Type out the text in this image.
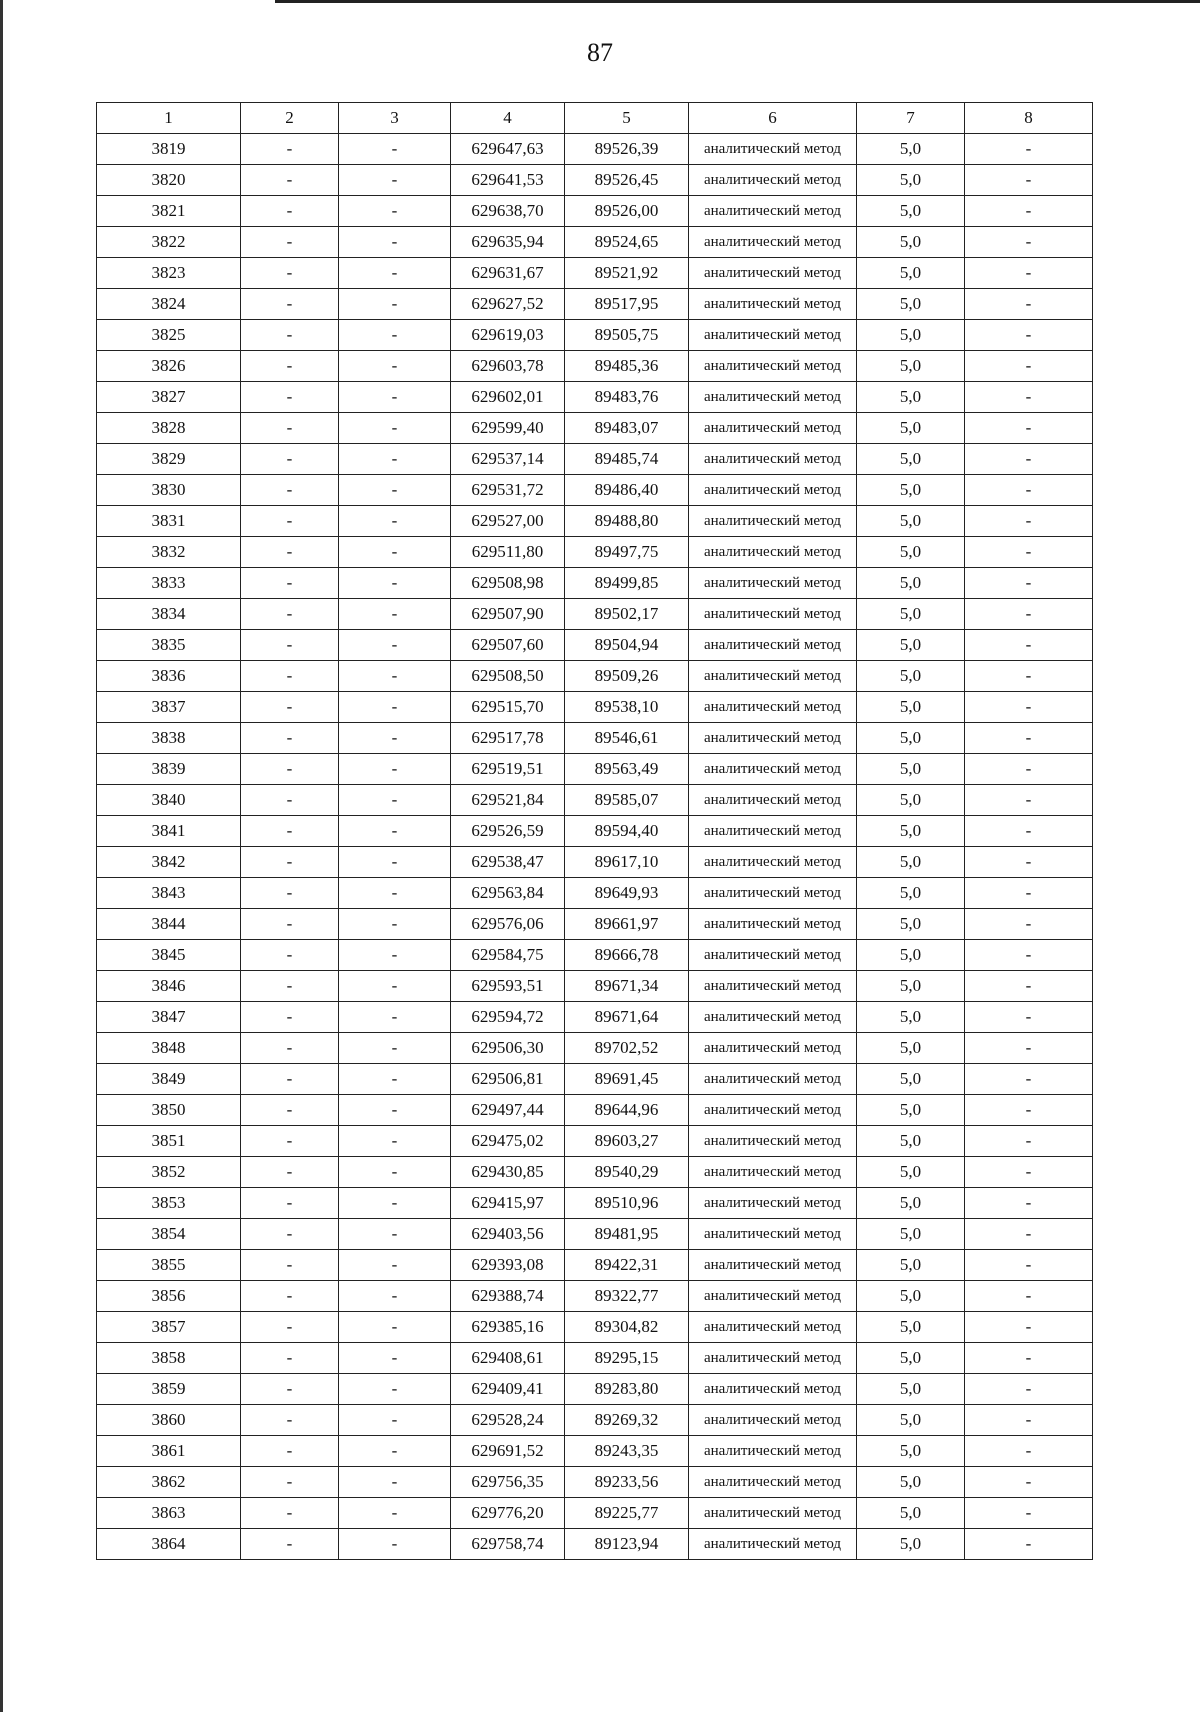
87
1	2	3	4	5	6	7	8
3819	-	-	629647,63	89526,39	аналитический метод	5,0	-
3820	-	-	629641,53	89526,45	аналитический метод	5,0	-
3821	-	-	629638,70	89526,00	аналитический метод	5,0	-
3822	-	-	629635,94	89524,65	аналитический метод	5,0	-
3823	-	-	629631,67	89521,92	аналитический метод	5,0	-
3824	-	-	629627,52	89517,95	аналитический метод	5,0	-
3825	-	-	629619,03	89505,75	аналитический метод	5,0	-
3826	-	-	629603,78	89485,36	аналитический метод	5,0	-
3827	-	-	629602,01	89483,76	аналитический метод	5,0	-
3828	-	-	629599,40	89483,07	аналитический метод	5,0	-
3829	-	-	629537,14	89485,74	аналитический метод	5,0	-
3830	-	-	629531,72	89486,40	аналитический метод	5,0	-
3831	-	-	629527,00	89488,80	аналитический метод	5,0	-
3832	-	-	629511,80	89497,75	аналитический метод	5,0	-
3833	-	-	629508,98	89499,85	аналитический метод	5,0	-
3834	-	-	629507,90	89502,17	аналитический метод	5,0	-
3835	-	-	629507,60	89504,94	аналитический метод	5,0	-
3836	-	-	629508,50	89509,26	аналитический метод	5,0	-
3837	-	-	629515,70	89538,10	аналитический метод	5,0	-
3838	-	-	629517,78	89546,61	аналитический метод	5,0	-
3839	-	-	629519,51	89563,49	аналитический метод	5,0	-
3840	-	-	629521,84	89585,07	аналитический метод	5,0	-
3841	-	-	629526,59	89594,40	аналитический метод	5,0	-
3842	-	-	629538,47	89617,10	аналитический метод	5,0	-
3843	-	-	629563,84	89649,93	аналитический метод	5,0	-
3844	-	-	629576,06	89661,97	аналитический метод	5,0	-
3845	-	-	629584,75	89666,78	аналитический метод	5,0	-
3846	-	-	629593,51	89671,34	аналитический метод	5,0	-
3847	-	-	629594,72	89671,64	аналитический метод	5,0	-
3848	-	-	629506,30	89702,52	аналитический метод	5,0	-
3849	-	-	629506,81	89691,45	аналитический метод	5,0	-
3850	-	-	629497,44	89644,96	аналитический метод	5,0	-
3851	-	-	629475,02	89603,27	аналитический метод	5,0	-
3852	-	-	629430,85	89540,29	аналитический метод	5,0	-
3853	-	-	629415,97	89510,96	аналитический метод	5,0	-
3854	-	-	629403,56	89481,95	аналитический метод	5,0	-
3855	-	-	629393,08	89422,31	аналитический метод	5,0	-
3856	-	-	629388,74	89322,77	аналитический метод	5,0	-
3857	-	-	629385,16	89304,82	аналитический метод	5,0	-
3858	-	-	629408,61	89295,15	аналитический метод	5,0	-
3859	-	-	629409,41	89283,80	аналитический метод	5,0	-
3860	-	-	629528,24	89269,32	аналитический метод	5,0	-
3861	-	-	629691,52	89243,35	аналитический метод	5,0	-
3862	-	-	629756,35	89233,56	аналитический метод	5,0	-
3863	-	-	629776,20	89225,77	аналитический метод	5,0	-
3864	-	-	629758,74	89123,94	аналитический метод	5,0	-
